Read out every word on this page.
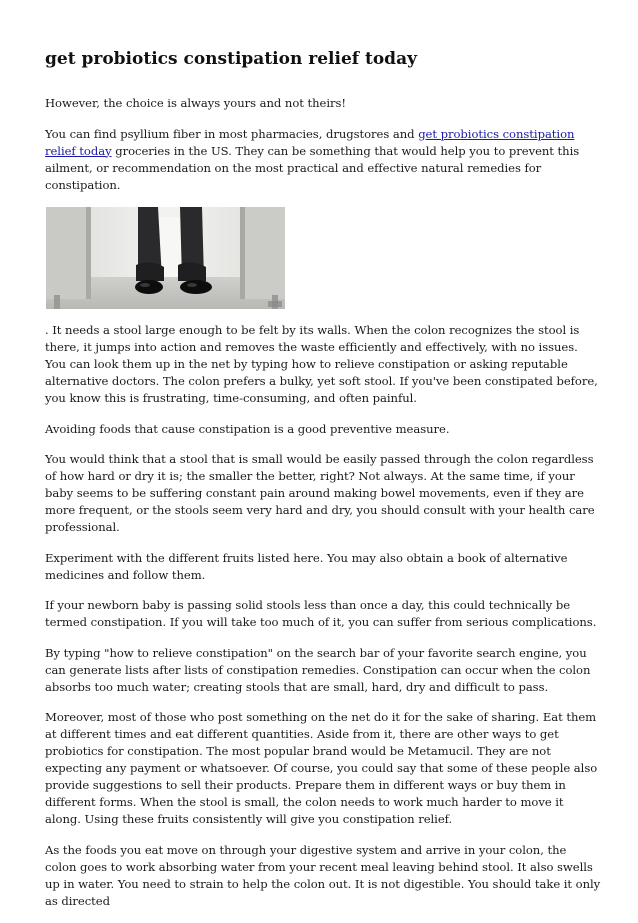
get probiotics constipation relief today

However, the choice is always yours and not theirs!

You can find psyllium fiber in most pharmacies, drugstores and get probiotics constipation relief today groceries in the US. They can be something that would help you to prevent this ailment, or recommendation on the most practical and effective natural remedies for constipation.

. It needs a stool large enough to be felt by its walls. When the colon recognizes the stool is there, it jumps into action and removes the waste efficiently and effectively, with no issues. You can look them up in the net by typing how to relieve constipation or asking reputable alternative doctors. The colon prefers a bulky, yet soft stool. If you've been constipated before, you know this is frustrating, time-consuming, and often painful.

Avoiding foods that cause constipation is a good preventive measure.

You would think that a stool that is small would be easily passed through the colon regardless of how hard or dry it is; the smaller the better, right? Not always. At the same time, if your baby seems to be suffering constant pain around making bowel movements, even if they are more frequent, or the stools seem very hard and dry, you should consult with your health care professional.

Experiment with the different fruits listed here. You may also obtain a book of alternative medicines and follow them.

If your newborn baby is passing solid stools less than once a day, this could technically be termed constipation. If you will take too much of it, you can suffer from serious complications.

By typing "how to relieve constipation" on the search bar of your favorite search engine, you can generate lists after lists of constipation remedies. Constipation can occur when the colon absorbs too much water; creating stools that are small, hard, dry and difficult to pass.

Moreover, most of those who post something on the net do it for the sake of sharing. Eat them at different times and eat different quantities. Aside from it, there are other ways to get probiotics for constipation. The most popular brand would be Metamucil. They are not expecting any payment or whatsoever. Of course, you could say that some of these people also provide suggestions to sell their products. Prepare them in different ways or buy them in different forms. When the stool is small, the colon needs to work much harder to move it along. Using these fruits consistently will give you constipation relief.

As the foods you eat move on through your digestive system and arrive in your colon, the colon goes to work absorbing water from your recent meal leaving behind stool. It also swells up in water. You need to strain to help the colon out. It is not digestible. You should take it only as directed
